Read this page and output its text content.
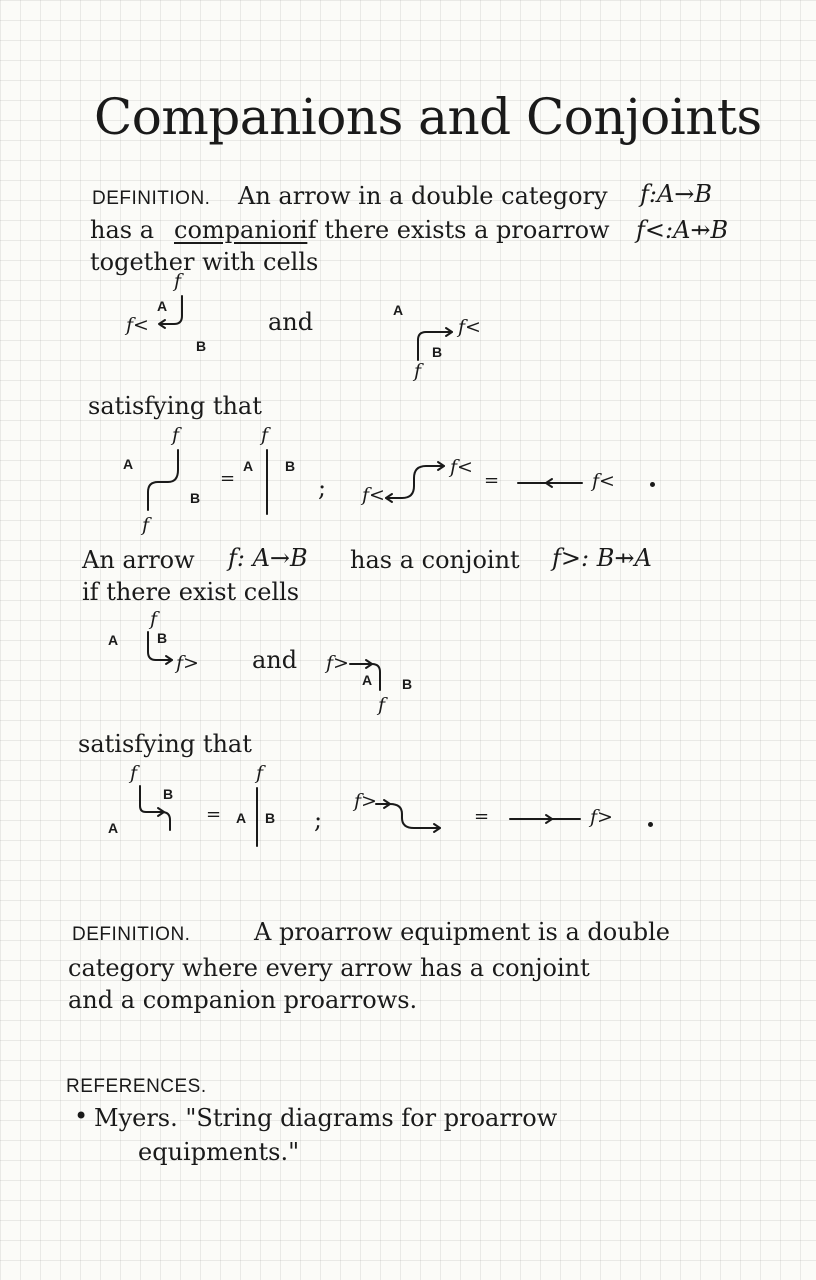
Companions and Conjoints
DEFINITION. An arrow in a double category f:A→B
has a companion
if there exists a proarrow f<:A⇸B
together with cells
f
A
B
f<	and	A
B
f
f<
satisfying that
A
f
B
f
=
A
f
B
; f<
f<
=	f<
An arrow f: A→B has a conjoint f>: B⇸A
if there exist cells
f
A	B
f> and f>
A B
f
satisfying that
f
B
A
= A
f
B ;
f>
=	f>
DEFINITION.	A proarrow equipment is a double
category where every arrow has a conjoint
and a companion proarrows.
REFERENCES.
• Myers. "String diagrams for proarrow
equipments."
